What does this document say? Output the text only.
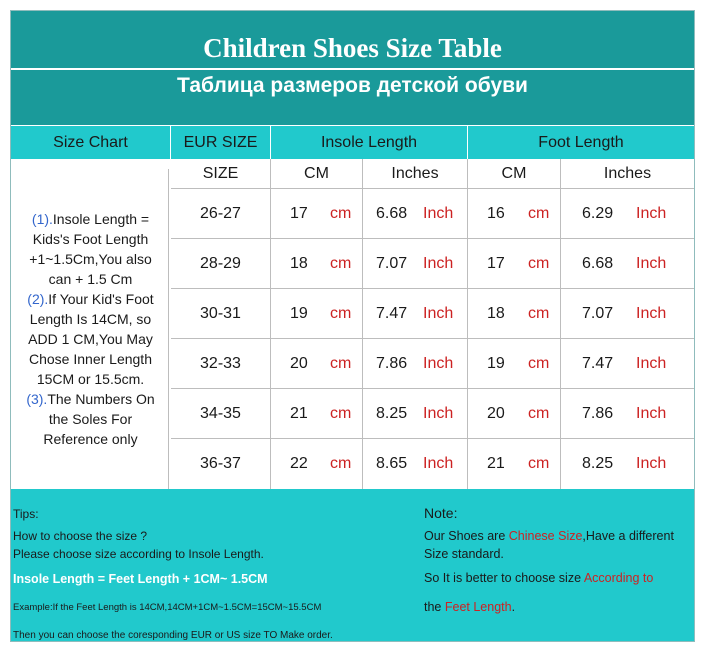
Children Shoes Size Table
Таблица размеров детской обуви
Size Chart	EUR SIZE	Insole Length	Foot Length
SIZE	CM	Inches	CM	Inches
(1).Insole Length =
Kids's Foot Length
+1~1.5Cm,You also
can + 1.5 Cm
(2).If Your Kid's Foot
Length Is 14CM, so
ADD 1 CM,You May
Chose Inner Length
15CM or 15.5cm.
(3).The Numbers On
the Soles For
Reference only
26-27	17 cm 6.68 Inch 16 cm 6.29 Inch
28-29	18 cm 7.07 Inch 17 cm 6.68 Inch
30-31	19 cm 7.47 Inch 18 cm 7.07 Inch
32-33	20 cm 7.86 Inch 19 cm 7.47 Inch
34-35	21 cm 8.25 Inch 20 cm 7.86 Inch
36-37	22 cm 8.65 Inch 21 cm 8.25 Inch
Tips:
How to choose the size ?
Please choose size according to Insole Length.
Insole Length = Feet Length + 1CM~ 1.5CM
Example:If the Feet Length is 14CM,14CM+1CM~1.5CM=15CM~15.5CM
Then you can choose the coresponding EUR or US size TO Make order.
Note:
Our Shoes are Chinese Size,Have a different
Size standard.
So It is better to choose size According to
the Feet Length.
